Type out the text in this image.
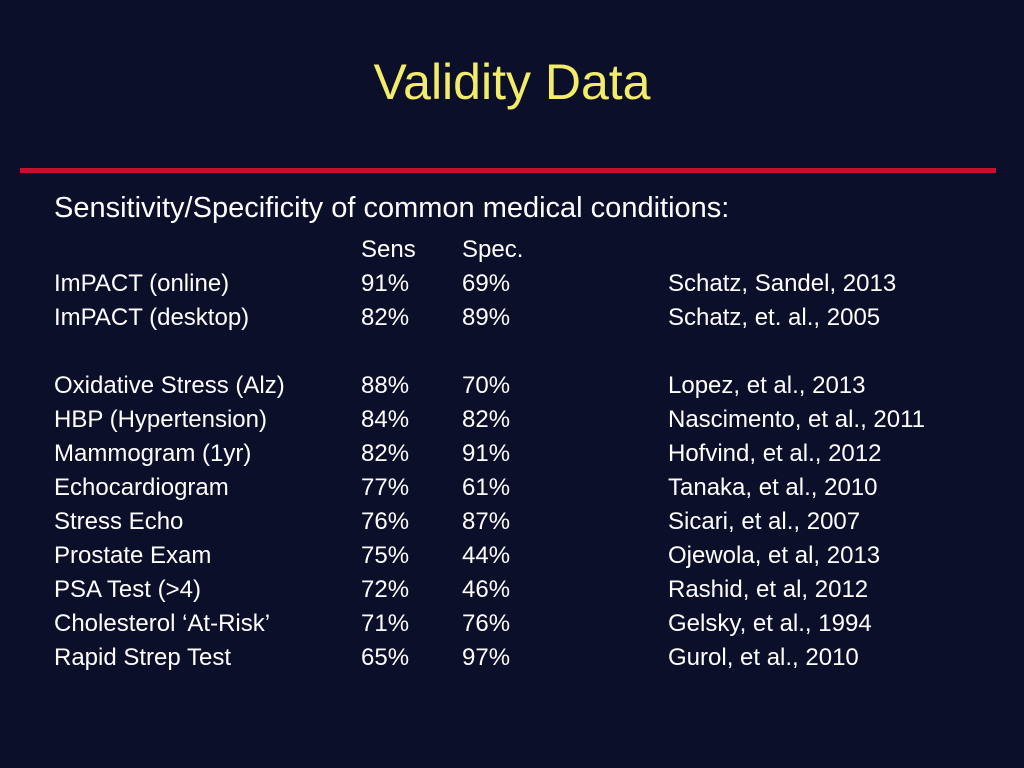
Validity Data
Sensitivity/Specificity of common medical conditions:
Sens Spec.
ImPACT (online)	91% 69%	Schatz, Sandel, 2013
ImPACT (desktop)	82% 89%	Schatz, et. al., 2005
Oxidative Stress (Alz)	88% 70%	Lopez, et al., 2013
HBP (Hypertension)	84% 82%	Nascimento, et al., 2011
Mammogram (1yr)	82% 91%	Hofvind, et al., 2012
Echocardiogram	77% 61%	Tanaka, et al., 2010
Stress Echo	76% 87%	Sicari, et al., 2007
Prostate Exam	75% 44%	Ojewola, et al, 2013
PSA Test (>4)	72% 46%	Rashid, et al, 2012
Cholesterol ‘At-Risk’	71% 76%	Gelsky, et al., 1994
Rapid Strep Test	65% 97%	Gurol, et al., 2010
